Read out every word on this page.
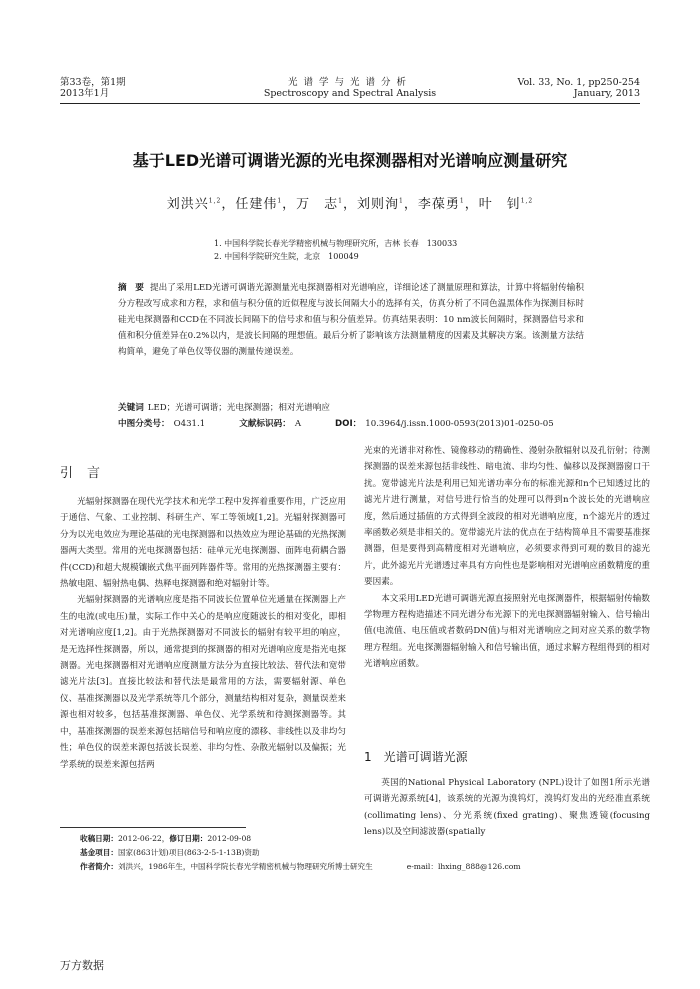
第33卷，第1期
2013年1月
光谱学与光谱分析
Spectroscopy and Spectral Analysis
Vol. 33, No. 1, pp250-254
January, 2013
基于LED光谱可调谐光源的光电探测器相对光谱响应测量研究
刘洪兴$^{1,2}$，任建伟$^1$，万　志$^1$，刘则洵$^1$，李葆勇$^1$，叶　钊$^{1,2}$
1. 中国科学院长春光学精密机械与物理研究所，吉林 长春　130033
2. 中国科学院研究生院，北京　100049
摘　要 提出了采用LED光谱可调谐光源测量光电探测器相对光谱响应，详细论述了测量原理和算法，计算中将辐射传输积分方程改写成求和方程，求和值与积分值的近似程度与波长间隔大小的选择有关，仿真分析了不同色温黑体作为探测目标时硅光电探测器和CCD在不同波长间隔下的信号求和值与积分值差异。仿真结果表明：10 nm波长间隔时，探测器信号求和值和积分值差异在0.2%以内，是波长间隔的理想值。最后分析了影响该方法测量精度的因素及其解决方案。该测量方法结构简单，避免了单色仪等仪器的测量传递误差。
关键词 LED；光谱可调谐；光电探测器；相对光谱响应
中图分类号： O431.1	文献标识码： A	DOI： 10.3964/j.issn.1000-0593(2013)01-0250-05
引言

光辐射探测器在现代光学技术和光学工程中发挥着重要作用，广泛应用于通信、气象、工业控制、科研生产、军工等领域[1,2]。光辐射探测器可分为以光电效应为理论基础的光电探测器和以热效应为理论基础的光热探测器两大类型。常用的光电探测器包括：硅单元光电探测器、面阵电荷耦合器件(CCD)和超大规模镶嵌式焦平面列阵器件等。常用的光热探测器主要有：热敏电阻、辐射热电偶、热释电探测器和绝对辐射计等。

光辐射探测器的光谱响应度是指不同波长位置单位光通量在探测器上产生的电流(或电压)量，实际工作中关心的是响应度随波长的相对变化，即相对光谱响应度[1,2]。由于光热探测器对不同波长的辐射有较平坦的响应，是无选择性探测器，所以，通常提到的探测器的相对光谱响应度是指光电探测器。光电探测器相对光谱响应度测量方法分为直接比较法、替代法和宽带滤光片法[3]。直接比较法和替代法是最常用的方法，需要辐射源、单色仪、基准探测器以及光学系统等几个部分，测量结构相对复杂，测量误差来源也相对较多，包括基准探测器、单色仪、光学系统和待测探测器等。其中，基准探测器的误差来源包括暗信号和响应度的漂移、非线性以及非均匀性；单色仪的误差来源包括波长误差、非均匀性、杂散光辐射以及偏振；光学系统的误差来源包括两

光束的光谱非对称性、镜像移动的精确性、漫射杂散辐射以及孔衍射；待测探测器的误差来源包括非线性、暗电流、非均匀性、偏移以及探测器窗口干扰。宽带滤光片法是利用已知光谱功率分布的标准光源和n个已知透过比的滤光片进行测量，对信号进行恰当的处理可以得到n个波长处的光谱响应度，然后通过插值的方式得到全波段的相对光谱响应度，n个滤光片的透过率函数必须是非相关的。宽带滤光片法的优点在于结构简单且不需要基准探测器，但是要得到高精度相对光谱响应，必须要求得到可观的数目的滤光片，此外滤光片光谱透过率具有方向性也是影响相对光谱响应函数精度的重要因素。

本文采用LED光谱可调谐光源直接照射光电探测器件，根据辐射传输数学物理方程构造描述不同光谱分布光源下的光电探测器辐射输入、信号输出值(电流值、电压值或者数码DN值)与相对光谱响应之间对应关系的数学物理方程组。光电探测器辐射输入和信号输出值，通过求解方程组得到的相对光谱响应函数。

1 光谱可调谐光源

英国的National Physical Laboratory (NPL)设计了如图1所示光谱可调谐光源系统[4]，该系统的光源为溴钨灯，溴钨灯发出的光经准直系统(collimating lens)、分光系统(fixed grating)、聚焦透镜(focusing lens)以及空间滤波器(spatially

收稿日期：2012-06-22，修订日期：2012-09-08
基金项目：国家(863计划)项目(863-2-5-1-13B)资助
作者简介：刘洪兴，1986年生，中国科学院长春光学精密机械与物理研究所博士研究生	e-mail：lhxing_888@126.com
万方数据
